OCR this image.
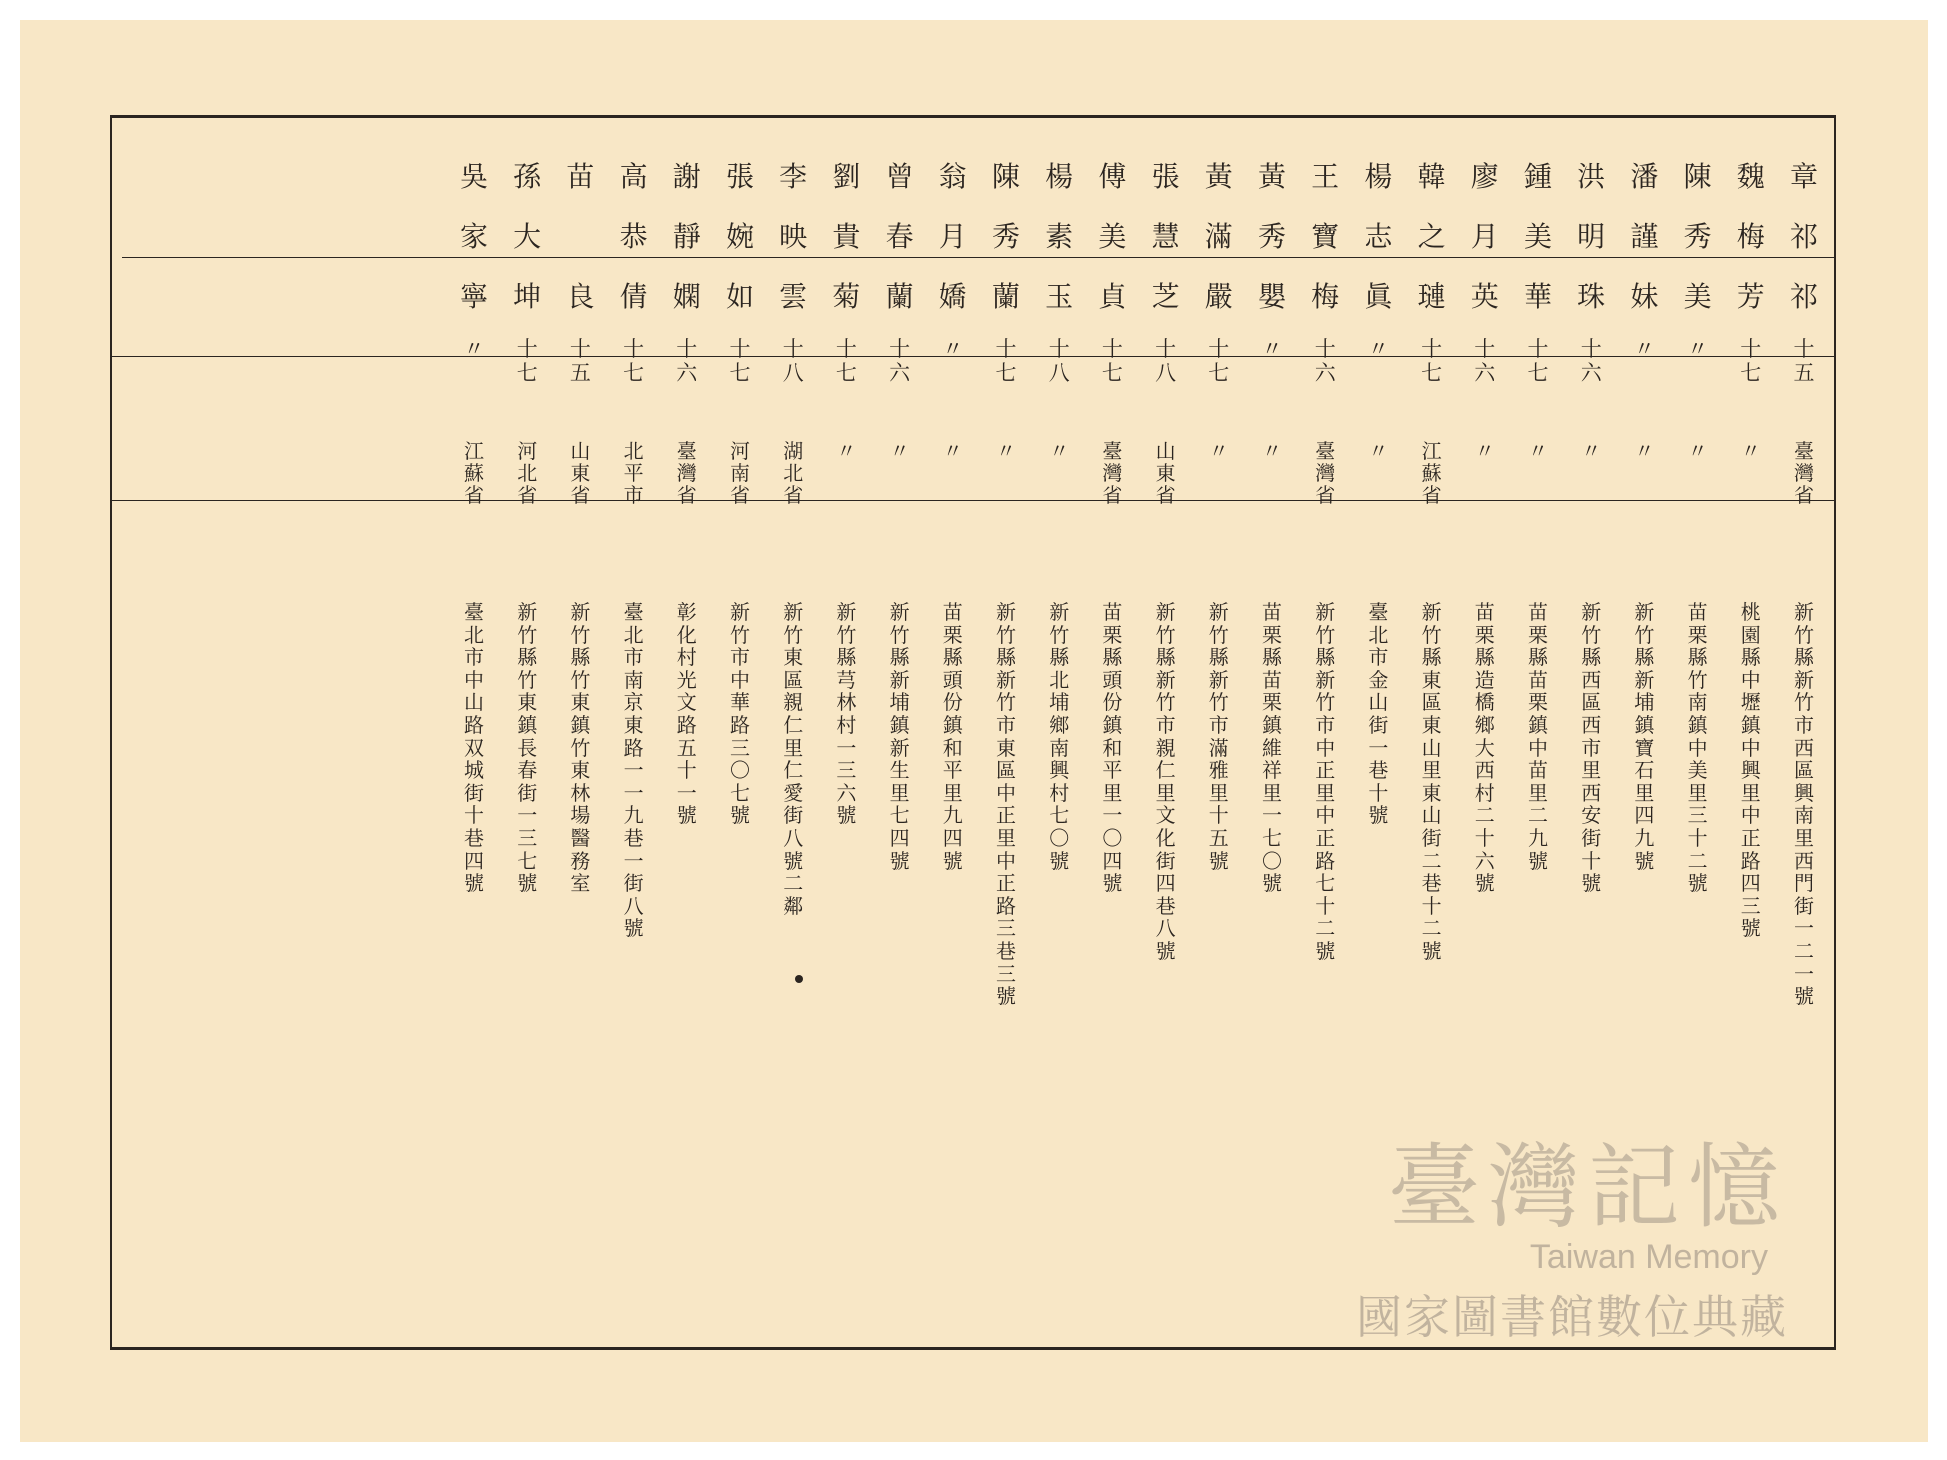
章
祁
祁
十
五
臺
灣
省
新
竹
縣
新
竹
市
西
區
興
南
里
西
門
街
一
二
一
號
魏
梅
芳
十
七
〃
桃
園
縣
中
壢
鎮
中
興
里
中
正
路
四
三
號
陳
秀
美
〃
〃
苗
栗
縣
竹
南
鎮
中
美
里
三
十
二
號
潘
謹
妹
〃
〃
新
竹
縣
新
埔
鎮
寶
石
里
四
九
號
洪
明
珠
十
六
〃
新
竹
縣
西
區
西
市
里
西
安
街
十
號
鍾
美
華
十
七
〃
苗
栗
縣
苗
栗
鎮
中
苗
里
二
九
號
廖
月
英
十
六
〃
苗
栗
縣
造
橋
鄉
大
西
村
二
十
六
號
韓
之
璉
十
七
江
蘇
省
新
竹
縣
東
區
東
山
里
東
山
街
二
巷
十
二
號
楊
志
眞
〃
〃
臺
北
市
金
山
街
一
巷
十
號
王
寶
梅
十
六
臺
灣
省
新
竹
縣
新
竹
市
中
正
里
中
正
路
七
十
二
號
黃
秀
嬰
〃
〃
苗
栗
縣
苗
栗
鎮
維
祥
里
一
七
〇
號
黃
滿
嚴
十
七
〃
新
竹
縣
新
竹
市
滿
雅
里
十
五
號
張
慧
芝
十
八
山
東
省
新
竹
縣
新
竹
市
親
仁
里
文
化
街
四
巷
八
號
傅
美
貞
十
七
臺
灣
省
苗
栗
縣
頭
份
鎮
和
平
里
一
〇
四
號
楊
素
玉
十
八
〃
新
竹
縣
北
埔
鄉
南
興
村
七
〇
號
陳
秀
蘭
十
七
〃
新
竹
縣
新
竹
市
東
區
中
正
里
中
正
路
三
巷
三
號
翁
月
嬌
〃
〃
苗
栗
縣
頭
份
鎮
和
平
里
九
四
號
曾
春
蘭
十
六
〃
新
竹
縣
新
埔
鎮
新
生
里
七
四
號
劉
貴
菊
十
七
〃
新
竹
縣
芎
林
村
一
三
六
號
李
映
雲
十
八
湖
北
省
新
竹
東
區
親
仁
里
仁
愛
街
八
號
二
鄰
張
婉
如
十
七
河
南
省
新
竹
市
中
華
路
三
〇
七
號
謝
靜
嫻
十
六
臺
灣
省
彰
化
村
光
文
路
五
十
一
號
高
恭
倩
十
七
北
平
市
臺
北
市
南
京
東
路
一
一
九
巷
一
街
八
號
苗

良
十
五
山
東
省
新
竹
縣
竹
東
鎮
竹
東
林
場
醫
務
室
孫
大
坤
十
七
河
北
省
新
竹
縣
竹
東
鎮
長
春
街
一
三
七
號
吳
家
寧
〃
江
蘇
省
臺
北
市
中
山
路
双
城
街
十
巷
四
號
臺灣記憶
Taiwan Memory
國家圖書館數位典藏
